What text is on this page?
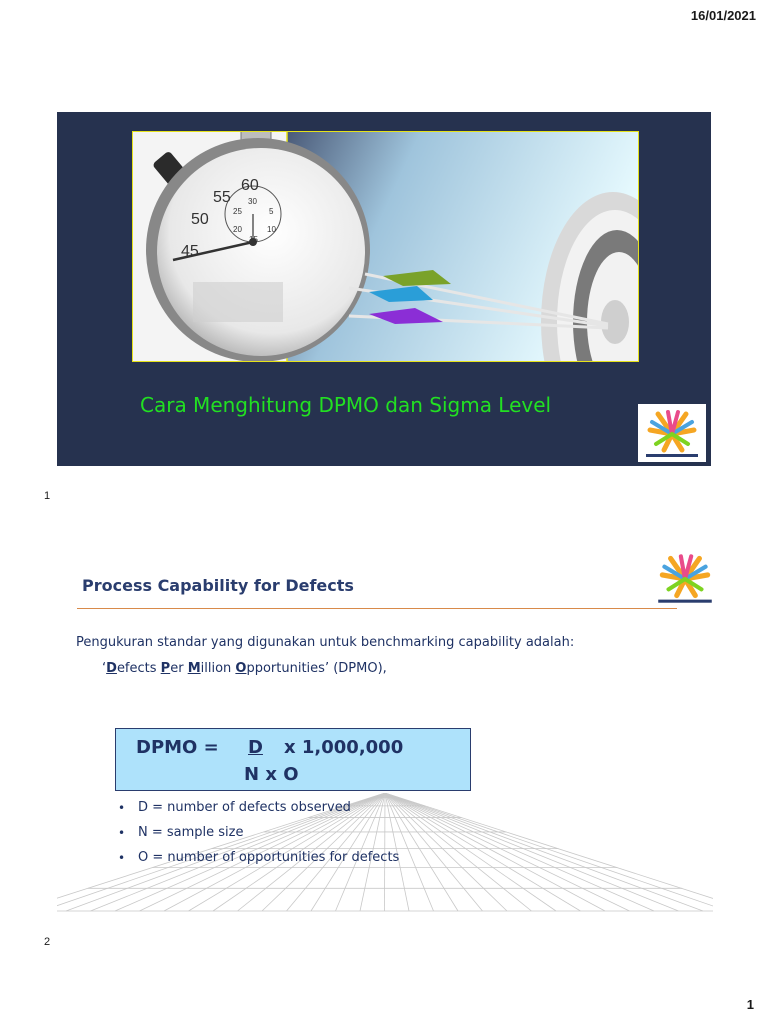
16/01/2021
1
55
60
50
45
30
25
20
15
10
5
Cara Menghitung DPMO dan Sigma Level
1
Process Capability for Defects
Pengukuran standar yang digunakan untuk benchmarking capability adalah:
‘Defects Per Million Opportunities’ (DPMO),
DPMO = D x 1,000,000
N x O
• D = number of defects observed
• N = sample size
• O = number of opportunities for defects
2
